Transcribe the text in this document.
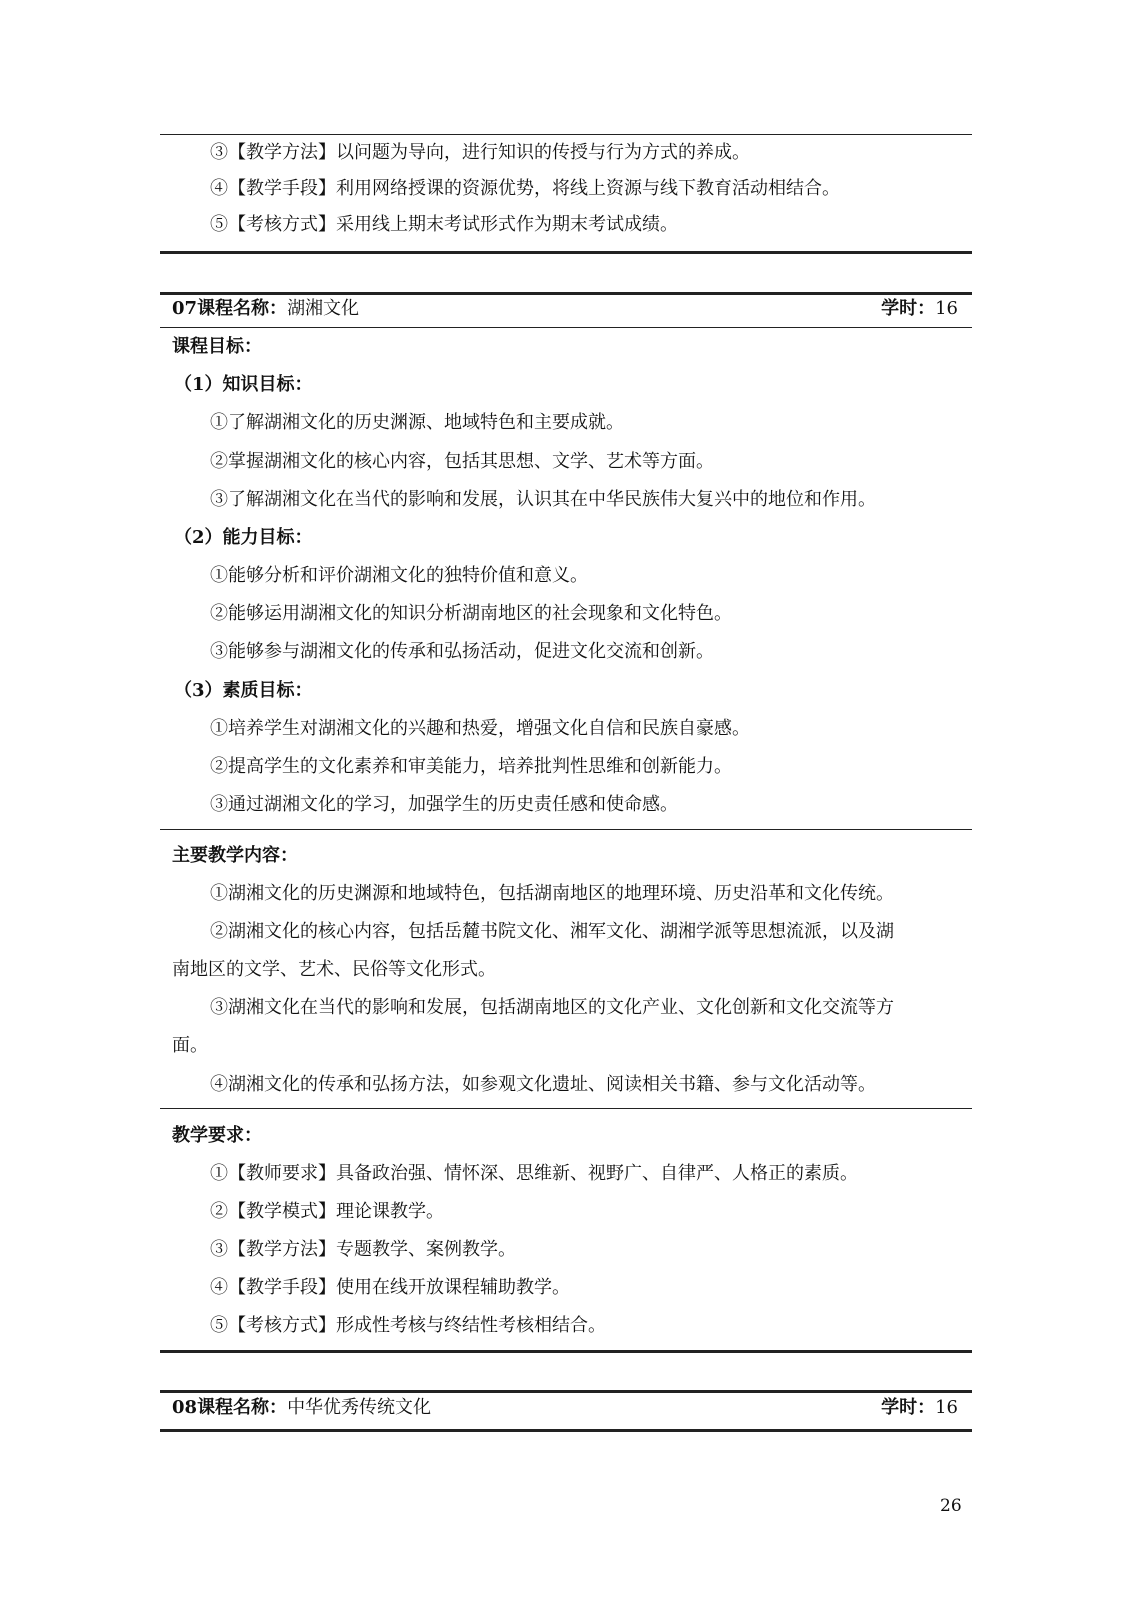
③【教学方法】以问题为导向，进行知识的传授与行为方式的养成。
④【教学手段】利用网络授课的资源优势，将线上资源与线下教育活动相结合。
⑤【考核方式】采用线上期末考试形式作为期末考试成绩。
07课程名称：湖湘文化	学时：16
课程目标：
（1）知识目标：
①了解湖湘文化的历史渊源、地域特色和主要成就。
②掌握湖湘文化的核心内容，包括其思想、文学、艺术等方面。
③了解湖湘文化在当代的影响和发展，认识其在中华民族伟大复兴中的地位和作用。
（2）能力目标：
①能够分析和评价湖湘文化的独特价值和意义。
②能够运用湖湘文化的知识分析湖南地区的社会现象和文化特色。
③能够参与湖湘文化的传承和弘扬活动，促进文化交流和创新。
（3）素质目标：
①培养学生对湖湘文化的兴趣和热爱，增强文化自信和民族自豪感。
②提高学生的文化素养和审美能力，培养批判性思维和创新能力。
③通过湖湘文化的学习，加强学生的历史责任感和使命感。
主要教学内容：
①湖湘文化的历史渊源和地域特色，包括湖南地区的地理环境、历史沿革和文化传统。
②湖湘文化的核心内容，包括岳麓书院文化、湘军文化、湖湘学派等思想流派，以及湖
南地区的文学、艺术、民俗等文化形式。
③湖湘文化在当代的影响和发展，包括湖南地区的文化产业、文化创新和文化交流等方
面。
④湖湘文化的传承和弘扬方法，如参观文化遗址、阅读相关书籍、参与文化活动等。
教学要求：
①【教师要求】具备政治强、情怀深、思维新、视野广、自律严、人格正的素质。
②【教学模式】理论课教学。
③【教学方法】专题教学、案例教学。
④【教学手段】使用在线开放课程辅助教学。
⑤【考核方式】形成性考核与终结性考核相结合。
08课程名称：中华优秀传统文化	学时：16
26
